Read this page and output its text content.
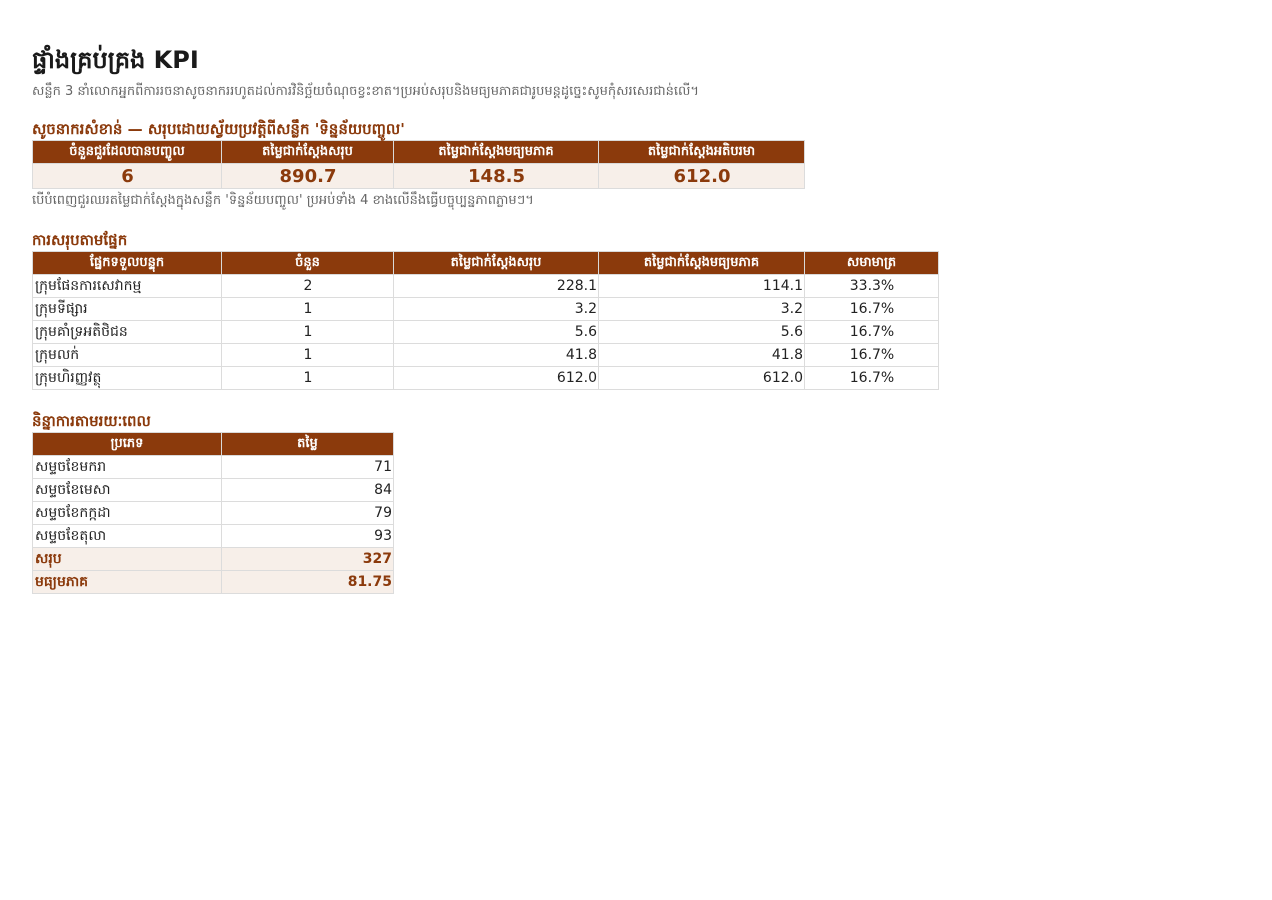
ផ្ទាំងគ្រប់គ្រង KPI
សន្លឹក 3 នាំលោកអ្នកពីការរចនាសូចនាកររហូតដល់ការវិនិច្ឆ័យចំណុចខ្វះខាត។ប្រអប់សរុបនិងមធ្យមភាគជារូបមន្តដូច្នេះសូមកុំសរសេរជាន់លើ។
សូចនាករសំខាន់ — សរុបដោយស្វ័យប្រវត្តិពីសន្លឹក 'ទិន្នន័យបញ្ចូល'
ចំនួនជួរដែលបានបញ្ចូល	តម្លៃជាក់ស្ដែងសរុប	តម្លៃជាក់ស្ដែងមធ្យមភាគ	តម្លៃជាក់ស្ដែងអតិបរមា
6	890.7	148.5	612.0
បើបំពេញជួរឈរតម្លៃជាក់ស្ដែងក្នុងសន្លឹក 'ទិន្នន័យបញ្ចូល' ប្រអប់ទាំង 4 ខាងលើនឹងធ្វើបច្ចុប្បន្នភាពភ្លាមៗ។
ការសរុបតាមផ្នែក
ផ្នែកទទួលបន្ទុក	ចំនួន	តម្លៃជាក់ស្ដែងសរុប	តម្លៃជាក់ស្ដែងមធ្យមភាគ	សមាមាត្រ
ក្រុមផែនការសេវាកម្ម	2	228.1	114.1	33.3%
ក្រុមទីផ្សារ	1	3.2	3.2	16.7%
ក្រុមគាំទ្រអតិថិជន	1	5.6	5.6	16.7%
ក្រុមលក់	1	41.8	41.8	16.7%
ក្រុមហិរញ្ញវត្ថុ	1	612.0	612.0	16.7%
និន្នាការតាមរយៈពេល
ប្រភេទ	តម្លៃ
សម្ទចខែមករា	71
សម្ទចខែមេសា	84
សម្ទចខែកក្កដា	79
សម្ទចខែតុលា	93
សរុប	327
មធ្យមភាគ	81.75
